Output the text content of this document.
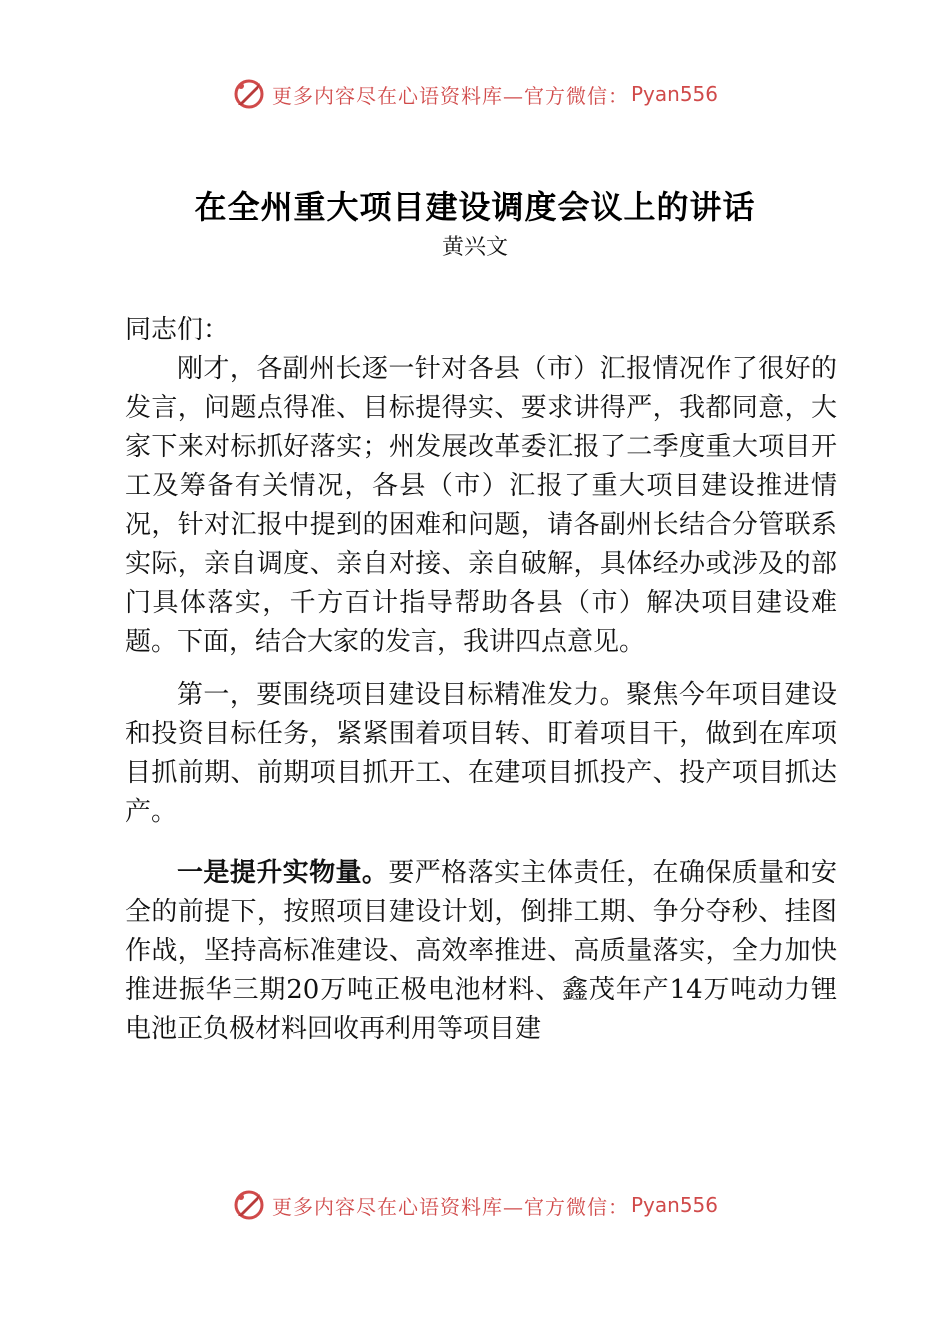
更多内容尽在心语资料库—官方微信： Pyan556
在全州重大项目建设调度会议上的讲话
黄兴文

同志们：

刚才，各副州长逐一针对各县（市）汇报情况作了很好的发言，问题点得准、目标提得实、要求讲得严，我都同意，大家下来对标抓好落实；州发展改革委汇报了二季度重大项目开工及筹备有关情况，各县（市）汇报了重大项目建设推进情况，针对汇报中提到的困难和问题，请各副州长结合分管联系实际，亲自调度、亲自对接、亲自破解，具体经办或涉及的部门具体落实，千方百计指导帮助各县（市）解决项目建设难题。下面，结合大家的发言，我讲四点意见。

第一，要围绕项目建设目标精准发力。聚焦今年项目建设和投资目标任务，紧紧围着项目转、盯着项目干，做到在库项目抓前期、前期项目抓开工、在建项目抓投产、投产项目抓达产。

一是提升实物量。要严格落实主体责任，在确保质量和安全的前提下，按照项目建设计划，倒排工期、争分夺秒、挂图作战，坚持高标准建设、高效率推进、高质量落实，全力加快推进振华三期20万吨正极电池材料、鑫茂年产14万吨动力锂电池正负极材料回收再利用等项目建

更多内容尽在心语资料库—官方微信： Pyan556
